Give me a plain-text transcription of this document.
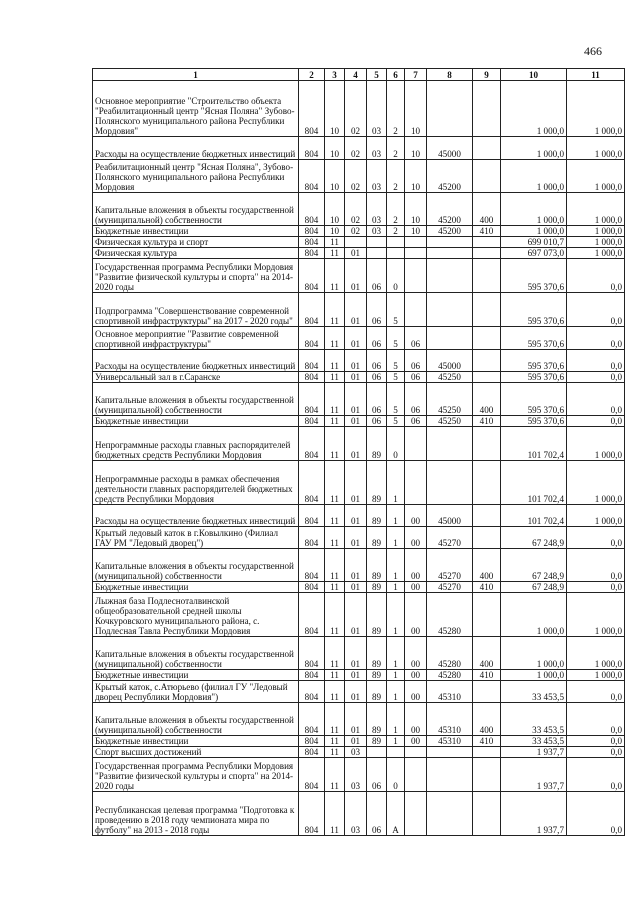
466
1	2	3	4	5	6	7	8	9	10	11
Основное мероприятие "Строительство объекта "Реабилитационный центр "Ясная Поляна" Зубово-Полянского муниципального района Республики Мордовия"	804	10	02	03	2	10			1 000,0	1 000,0
Расходы на осуществление бюджетных инвестиций	804	10	02	03	2	10	45000		1 000,0	1 000,0
Реабилитационный центр "Ясная Поляна", Зубово-Полянского муниципального района Республики Мордовия	804	10	02	03	2	10	45200		1 000,0	1 000,0
Капитальные вложения в объекты государственной (муниципальной) собственности	804	10	02	03	2	10	45200	400	1 000,0	1 000,0
Бюджетные инвестиции	804	10	02	03	2	10	45200	410	1 000,0	1 000,0
Физическая культура и спорт	804	11							699 010,7	1 000,0
Физическая культура	804	11	01						697 073,0	1 000,0
Государственная программа Республики Мордовия "Развитие физической культуры и спорта" на 2014-2020 годы	804	11	01	06	0				595 370,6	0,0
Подпрограмма "Совершенствование современной спортивной инфраструктуры" на 2017 - 2020 годы"	804	11	01	06	5				595 370,6	0,0
Основное мероприятие "Развитие современной спортивной инфраструктуры"	804	11	01	06	5	06			595 370,6	0,0
Расходы на осуществление бюджетных инвестиций	804	11	01	06	5	06	45000		595 370,6	0,0
Универсальный зал в г.Саранске	804	11	01	06	5	06	45250		595 370,6	0,0
Капитальные вложения в объекты государственной (муниципальной) собственности	804	11	01	06	5	06	45250	400	595 370,6	0,0
Бюджетные инвестиции	804	11	01	06	5	06	45250	410	595 370,6	0,0
Непрограммные расходы главных распорядителей бюджетных средств Республики Мордовия	804	11	01	89	0				101 702,4	1 000,0
Непрограммные расходы в рамках обеспечения деятельности главных распорядителей бюджетных средств Республики Мордовия	804	11	01	89	1				101 702,4	1 000,0
Расходы на осуществление бюджетных инвестиций	804	11	01	89	1	00	45000		101 702,4	1 000,0
Крытый ледовый каток в г.Ковылкино (Филиал ГАУ РМ "Ледовый дворец")	804	11	01	89	1	00	45270		67 248,9	0,0
Капитальные вложения в объекты государственной (муниципальной) собственности	804	11	01	89	1	00	45270	400	67 248,9	0,0
Бюджетные инвестиции	804	11	01	89	1	00	45270	410	67 248,9	0,0
Лыжная база Подлесноталвинской общеобразовательной средней школы Кочкуровского муниципального района, с. Подлесная Тавла Республики Мордовия	804	11	01	89	1	00	45280		1 000,0	1 000,0
Капитальные вложения в объекты государственной (муниципальной) собственности	804	11	01	89	1	00	45280	400	1 000,0	1 000,0
Бюджетные инвестиции	804	11	01	89	1	00	45280	410	1 000,0	1 000,0
Крытый каток, с.Атюрьево (филиал ГУ "Ледовый дворец Республики Мордовия")	804	11	01	89	1	00	45310		33 453,5	0,0
Капитальные вложения в объекты государственной (муниципальной) собственности	804	11	01	89	1	00	45310	400	33 453,5	0,0
Бюджетные инвестиции	804	11	01	89	1	00	45310	410	33 453,5	0,0
Спорт высших достижений	804	11	03						1 937,7	0,0
Государственная программа Республики Мордовия "Развитие физической культуры и спорта" на 2014-2020 годы	804	11	03	06	0				1 937,7	0,0
Республиканская целевая программа "Подготовка к проведению в 2018 году чемпионата мира по футболу" на 2013 - 2018 годы	804	11	03	06	А				1 937,7	0,0
